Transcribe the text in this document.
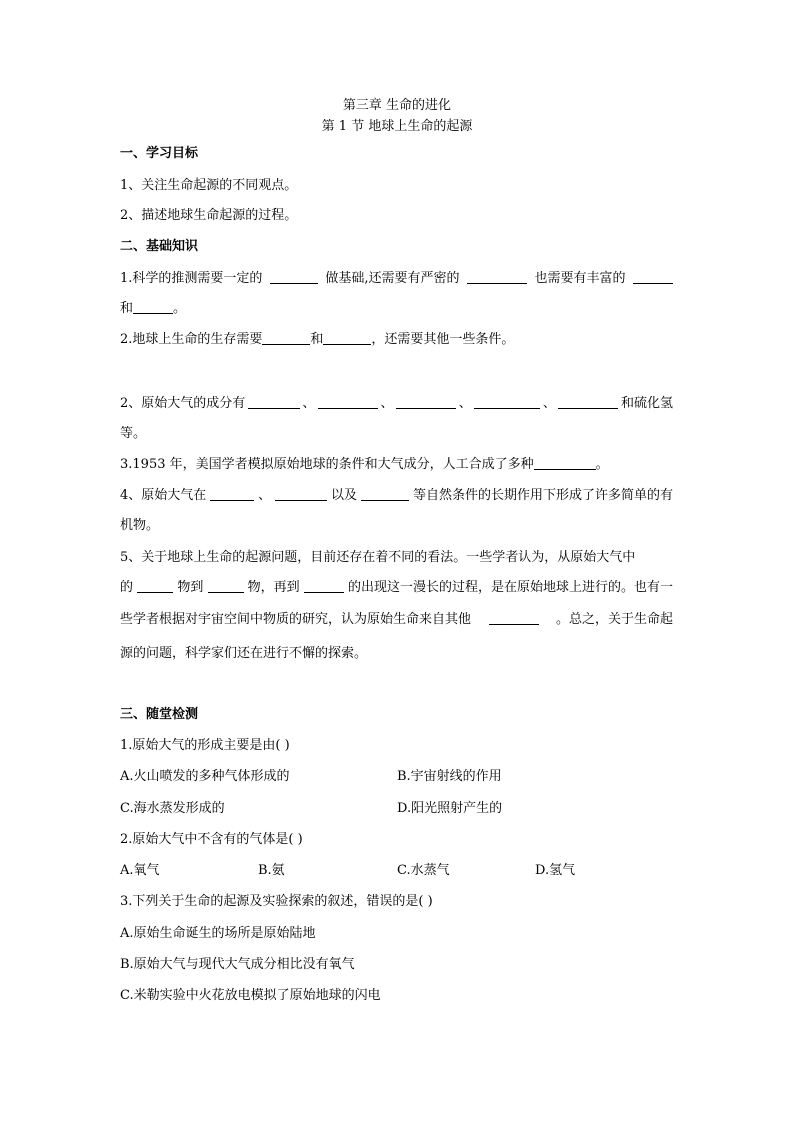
第三章 生命的进化
第 1 节 地球上生命的起源
一、学习目标
1、关注生命起源的不同观点。
2、描述地球生命起源的过程。
二、基础知识
1.科学的推测需要一定的	做基础,还需要有严密的	也需要有丰富的
和	。
2.地球上生命的生存需要	和	，还需要其他一些条件。
2、原始大气的成分有	、	、	、	、	和硫化氢
等。
3.1953 年，美国学者模拟原始地球的条件和大气成分，人工合成了多种	。
4、原始大气在	、	以及	等自然条件的长期作用下形成了许多简单的有
机物。
5、关于地球上生命的起源问题，目前还存在着不同的看法。一些学者认为，从原始大气中
的	物到	物，再到	的出现这一漫长的过程，是在原始地球上进行的。也有一
些学者根据对宇宙空间中物质的研究，认为原始生命来自其他	。总之，关于生命起
源的问题，科学家们还在进行不懈的探索。
三、随堂检测
1.原始大气的形成主要是由( )
A.火山喷发的多种气体形成的	B.宇宙射线的作用
C.海水蒸发形成的	D.阳光照射产生的
2.原始大气中不含有的气体是( )
A.氧气	B.氨	C.水蒸气	D.氢气
3.下列关于生命的起源及实验探索的叙述，错误的是( )
A.原始生命诞生的场所是原始陆地
B.原始大气与现代大气成分相比没有氧气
C.米勒实验中火花放电模拟了原始地球的闪电
